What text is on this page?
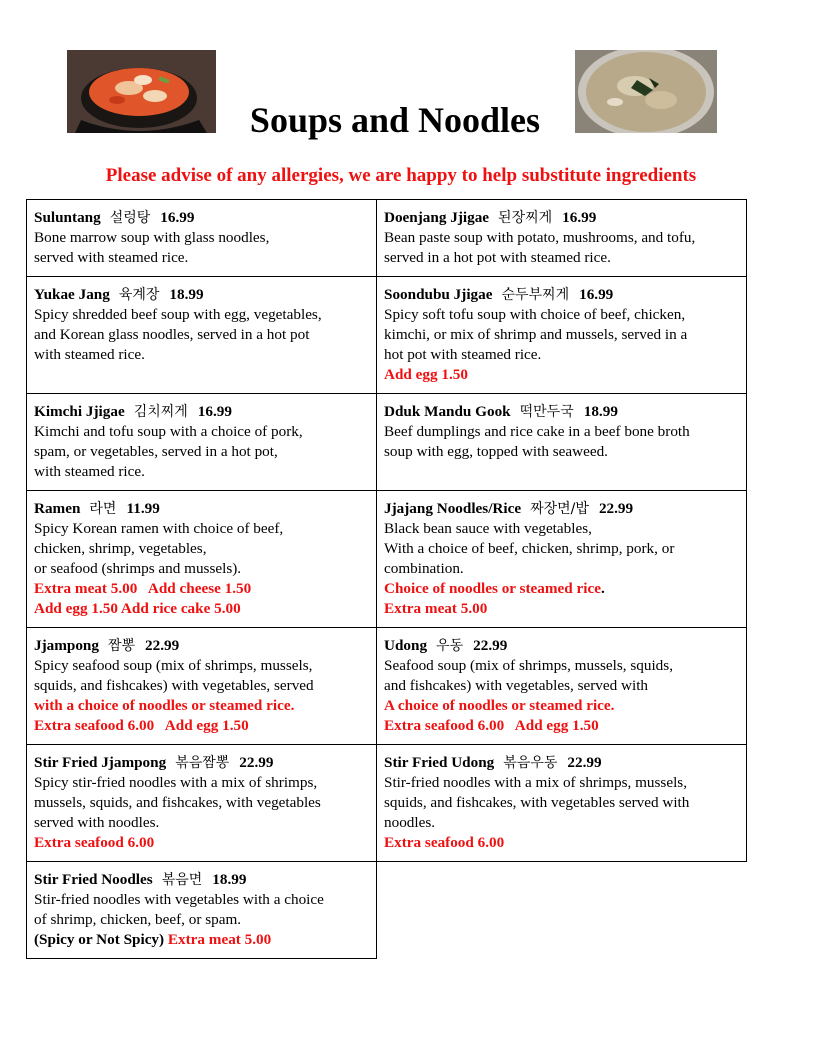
Soups and Noodles
Please advise of any allergies, we are happy to help substitute ingredients
Suluntang 설렁탕 16.99
Bone marrow soup with glass noodles,
served with steamed rice.
Doenjang Jjigae 된장찌게 16.99
Bean paste soup with potato, mushrooms, and tofu,
served in a hot pot with steamed rice.
Yukae Jang 육계장 18.99
Spicy shredded beef soup with egg, vegetables,
and Korean glass noodles, served in a hot pot
with steamed rice.
Soondubu Jjigae 순두부찌게 16.99
Spicy soft tofu soup with choice of beef, chicken,
kimchi, or mix of shrimp and mussels, served in a
hot pot with steamed rice.
Add egg 1.50
Kimchi Jjigae 김치찌게 16.99
Kimchi and tofu soup with a choice of pork,
spam, or vegetables, served in a hot pot,
with steamed rice.
Dduk Mandu Gook 떡만두국 18.99
Beef dumplings and rice cake in a beef bone broth
soup with egg, topped with seaweed.
Ramen 라면 11.99
Spicy Korean ramen with choice of beef,
chicken, shrimp, vegetables,
or seafood (shrimps and mussels).
Extra meat 5.00   Add cheese 1.50
Add egg 1.50 Add rice cake 5.00
Jjajang Noodles/Rice 짜장면/밥 22.99
Black bean sauce with vegetables,
With a choice of beef, chicken, shrimp, pork, or
combination.
Choice of noodles or steamed rice.
Extra meat 5.00
Jjampong 짬뽕 22.99
Spicy seafood soup (mix of shrimps, mussels,
squids, and fishcakes) with vegetables, served
with a choice of noodles or steamed rice.
Extra seafood 6.00   Add egg 1.50
Udong 우동 22.99
Seafood soup (mix of shrimps, mussels, squids,
and fishcakes) with vegetables, served with
A choice of noodles or steamed rice.
Extra seafood 6.00   Add egg 1.50
Stir Fried Jjampong 볶음짬뽕 22.99
Spicy stir-fried noodles with a mix of shrimps,
mussels, squids, and fishcakes, with vegetables
served with noodles.
Extra seafood 6.00
Stir Fried Udong 볶음우동 22.99
Stir-fried noodles with a mix of shrimps, mussels,
squids, and fishcakes, with vegetables served with
noodles.
Extra seafood 6.00
Stir Fried Noodles 볶음면 18.99
Stir-fried noodles with vegetables with a choice
of shrimp, chicken, beef, or spam.
(Spicy or Not Spicy) Extra meat 5.00
